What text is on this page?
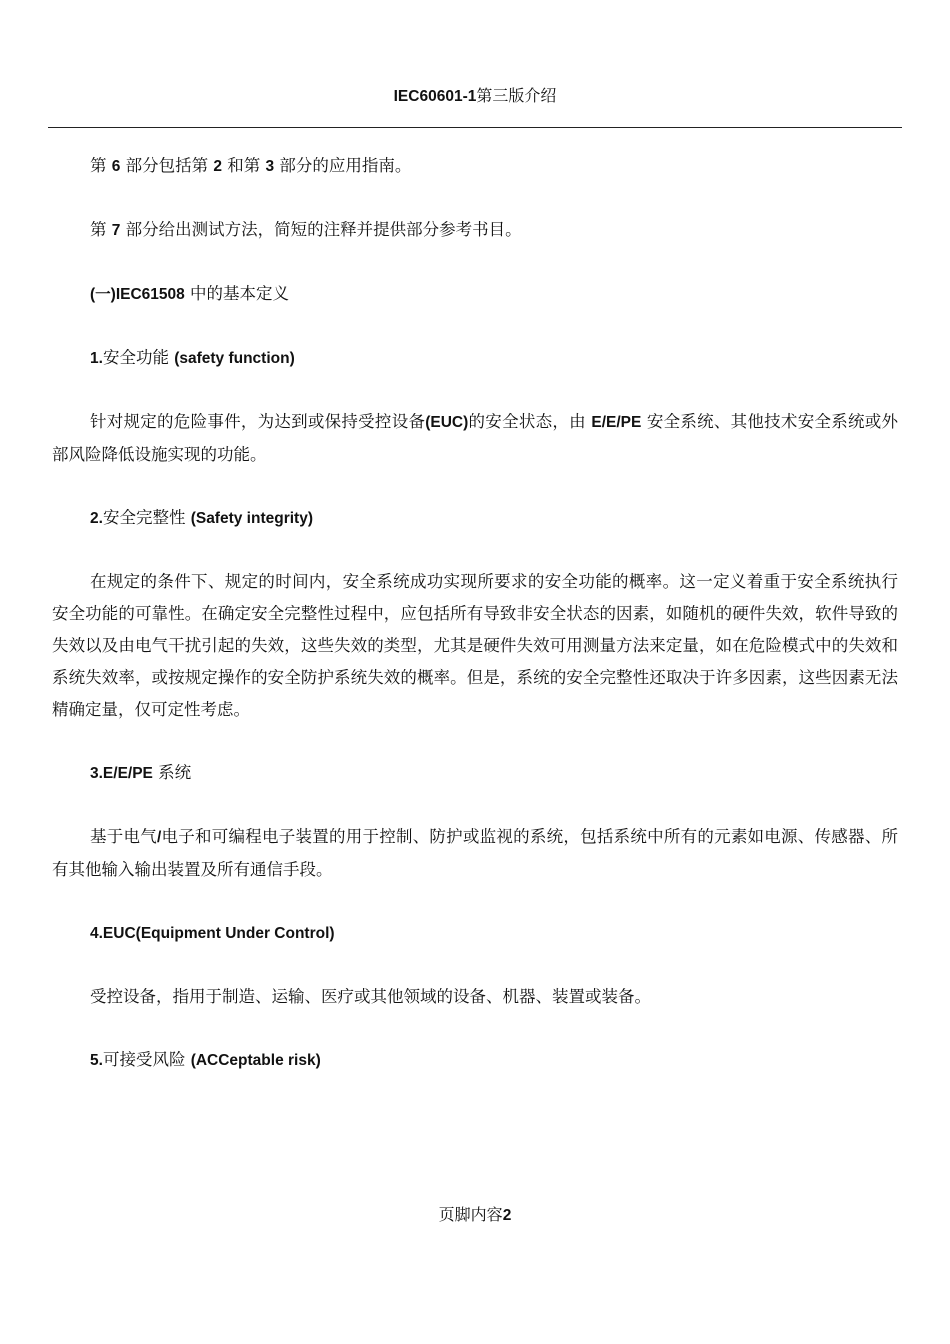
IEC60601-1第三版介绍

第 6 部分包括第 2 和第 3 部分的应用指南。

第 7 部分给出测试方法，简短的注释并提供部分参考书目。

(一)IEC61508 中的基本定义

1.安全功能 (safety function)

针对规定的危险事件，为达到或保持受控设备(EUC)的安全状态，由 E/E/PE 安全系统、其他技术安全系统或外部风险降低设施实现的功能。

2.安全完整性 (Safety integrity)

在规定的条件下、规定的时间内，安全系统成功实现所要求的安全功能的概率。这一定义着重于安全系统执行安全功能的可靠性。在确定安全完整性过程中，应包括所有导致非安全状态的因素，如随机的硬件失效，软件导致的失效以及由电气干扰引起的失效，这些失效的类型，尤其是硬件失效可用测量方法来定量，如在危险模式中的失效和系统失效率，或按规定操作的安全防护系统失效的概率。但是，系统的安全完整性还取决于许多因素，这些因素无法精确定量，仅可定性考虑。

3.E/E/PE 系统

基于电气/电子和可编程电子装置的用于控制、防护或监视的系统，包括系统中所有的元素如电源、传感器、所有其他输入输出装置及所有通信手段。

4.EUC(Equipment Under Control)

受控设备，指用于制造、运输、医疗或其他领域的设备、机器、装置或装备。

5.可接受风险 (ACCeptable risk)

页脚内容2
